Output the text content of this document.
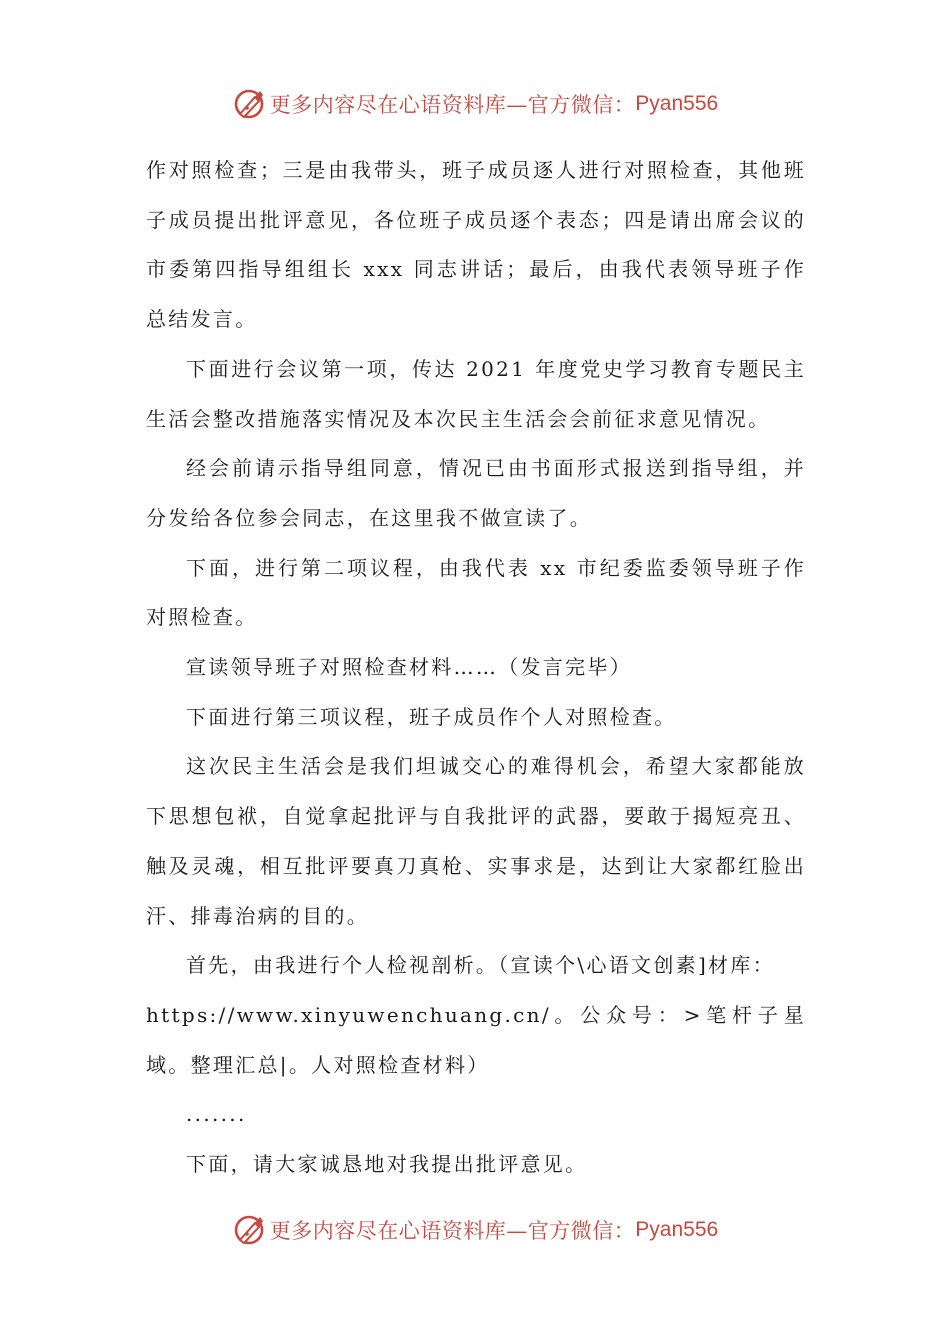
更多内容尽在心语资料库—官方微信： Pyan556

作对照检查；三是由我带头，班子成员逐人进行对照检查，其他班子成员提出批评意见，各位班子成员逐个表态；四是请出席会议的市委第四指导组组长 xxx 同志讲话；最后，由我代表领导班子作总结发言。

下面进行会议第一项，传达 2021 年度党史学习教育专题民主生活会整改措施落实情况及本次民主生活会会前征求意见情况。

经会前请示指导组同意，情况已由书面形式报送到指导组，并分发给各位参会同志，在这里我不做宣读了。

下面，进行第二项议程，由我代表 xx 市纪委监委领导班子作对照检查。

宣读领导班子对照检查材料……（发言完毕）

下面进行第三项议程，班子成员作个人对照检查。

这次民主生活会是我们坦诚交心的难得机会，希望大家都能放下思想包袱，自觉拿起批评与自我批评的武器，要敢于揭短亮丑、触及灵魂，相互批评要真刀真枪、实事求是，达到让大家都红脸出汗、排毒治病的目的。

首先，由我进行个人检视剖析。（宣读个\心语文创素]材库：

https://www.xinyuwenchuang.cn/。公众号：>笔杆子星域。整理汇总|。人对照检查材料）

.......

下面，请大家诚恳地对我提出批评意见。

更多内容尽在心语资料库—官方微信： Pyan556
